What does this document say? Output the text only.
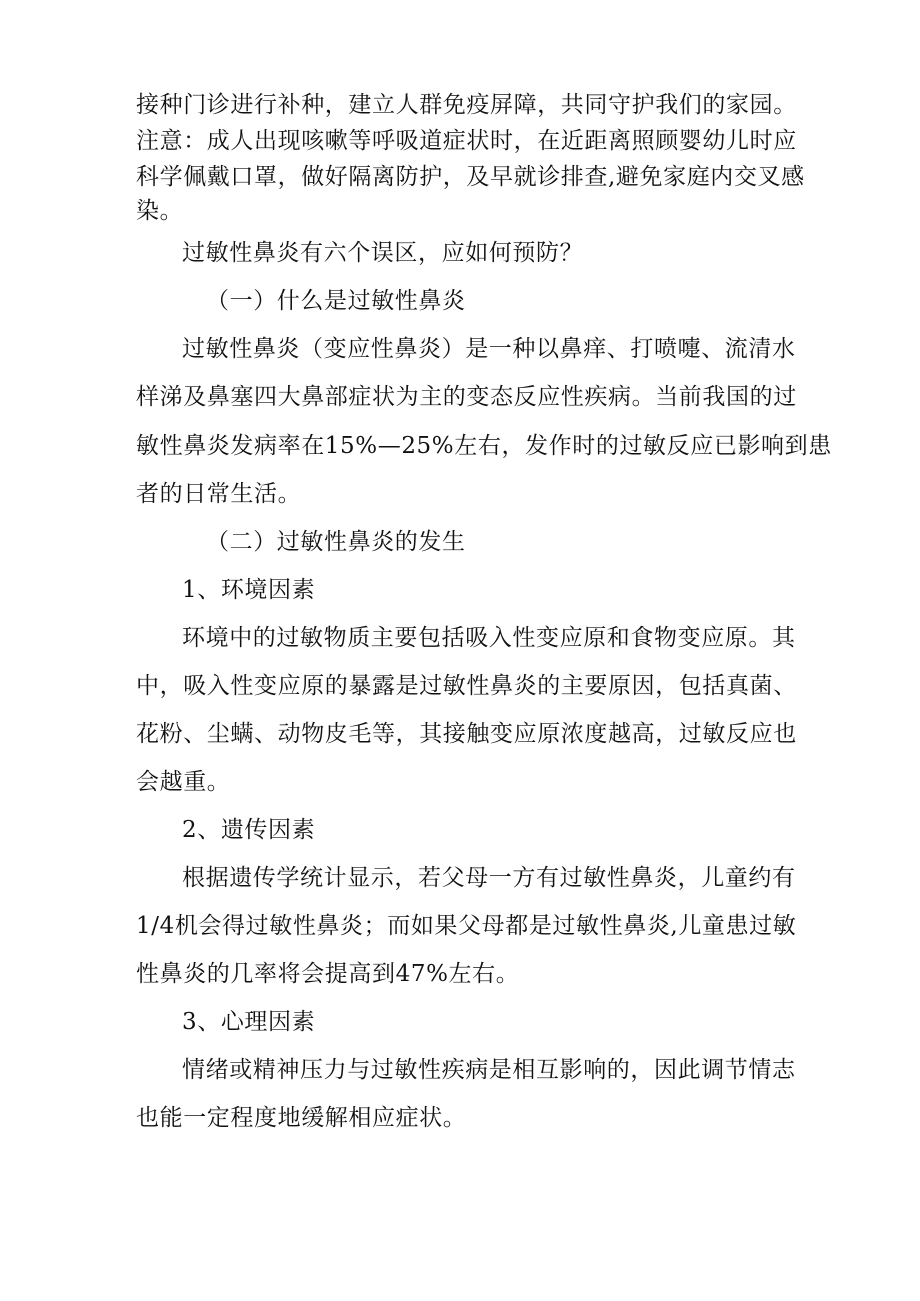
接种门诊进行补种，建立人群免疫屏障，共同守护我们的家园。
注意：成人出现咳嗽等呼吸道症状时，在近距离照顾婴幼儿时应
科学佩戴口罩，做好隔离防护，及早就诊排查,避免家庭内交叉感
染。
过敏性鼻炎有六个误区，应如何预防？
（一）什么是过敏性鼻炎
过敏性鼻炎（变应性鼻炎）是一种以鼻痒、打喷嚏、流清水
样涕及鼻塞四大鼻部症状为主的变态反应性疾病。当前我国的过
敏性鼻炎发病率在15%—25%左右，发作时的过敏反应已影响到患
者的日常生活。
（二）过敏性鼻炎的发生
1、环境因素
环境中的过敏物质主要包括吸入性变应原和食物变应原。其
中，吸入性变应原的暴露是过敏性鼻炎的主要原因，包括真菌、
花粉、尘螨、动物皮毛等，其接触变应原浓度越高，过敏反应也
会越重。
2、遗传因素
根据遗传学统计显示，若父母一方有过敏性鼻炎，儿童约有
1/4机会得过敏性鼻炎；而如果父母都是过敏性鼻炎,儿童患过敏
性鼻炎的几率将会提高到47%左右。
3、心理因素
情绪或精神压力与过敏性疾病是相互影响的，因此调节情志
也能一定程度地缓解相应症状。
